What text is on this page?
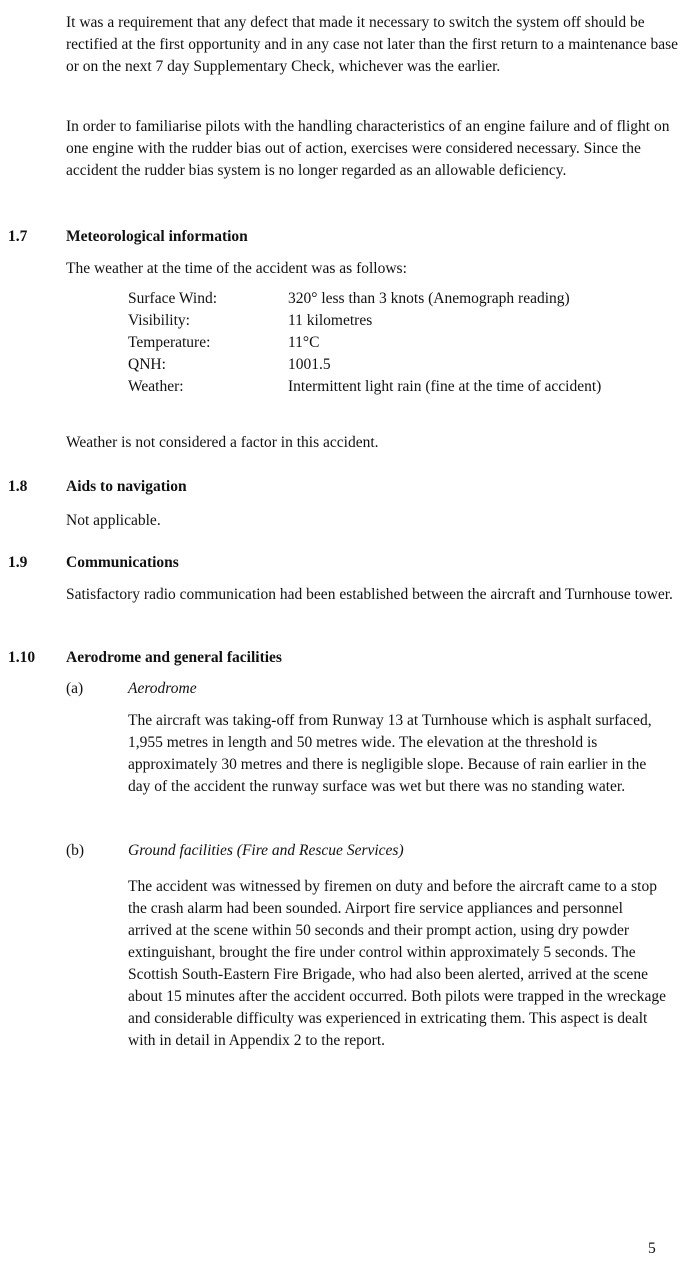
It was a requirement that any defect that made it necessary to switch the system off should be rectified at the first opportunity and in any case not later than the first return to a maintenance base or on the next 7 day Supplementary Check, whichever was the earlier.

In order to familiarise pilots with the handling characteristics of an engine failure and of flight on one engine with the rudder bias out of action, exercises were considered necessary. Since the accident the rudder bias system is no longer regarded as an allowable deficiency.

1.7 Meteorological information

The weather at the time of the accident was as follows:

Surface Wind:	320° less than 3 knots (Anemograph reading)
Visibility:	11 kilometres
Temperature:	11°C
QNH:	1001.5
Weather:	Intermittent light rain (fine at the time of accident)

Weather is not considered a factor in this accident.

1.8 Aids to navigation

Not applicable.

1.9 Communications

Satisfactory radio communication had been established between the aircraft and Turnhouse tower.

1.10 Aerodrome and general facilities
(a)	Aerodrome

The aircraft was taking-off from Runway 13 at Turnhouse which is asphalt surfaced, 1,955 metres in length and 50 metres wide. The elevation at the threshold is approximately 30 metres and there is negligible slope. Because of rain earlier in the day of the accident the runway surface was wet but there was no standing water.

(b)	Ground facilities (Fire and Rescue Services)

The accident was witnessed by firemen on duty and before the aircraft came to a stop the crash alarm had been sounded. Airport fire service appliances and personnel arrived at the scene within 50 seconds and their prompt action, using dry powder extinguishant, brought the fire under control within approximately 5 seconds. The Scottish South-Eastern Fire Brigade, who had also been alerted, arrived at the scene about 15 minutes after the accident occurred. Both pilots were trapped in the wreckage and considerable difficulty was experienced in extricating them. This aspect is dealt with in detail in Appendix 2 to the report.

5
